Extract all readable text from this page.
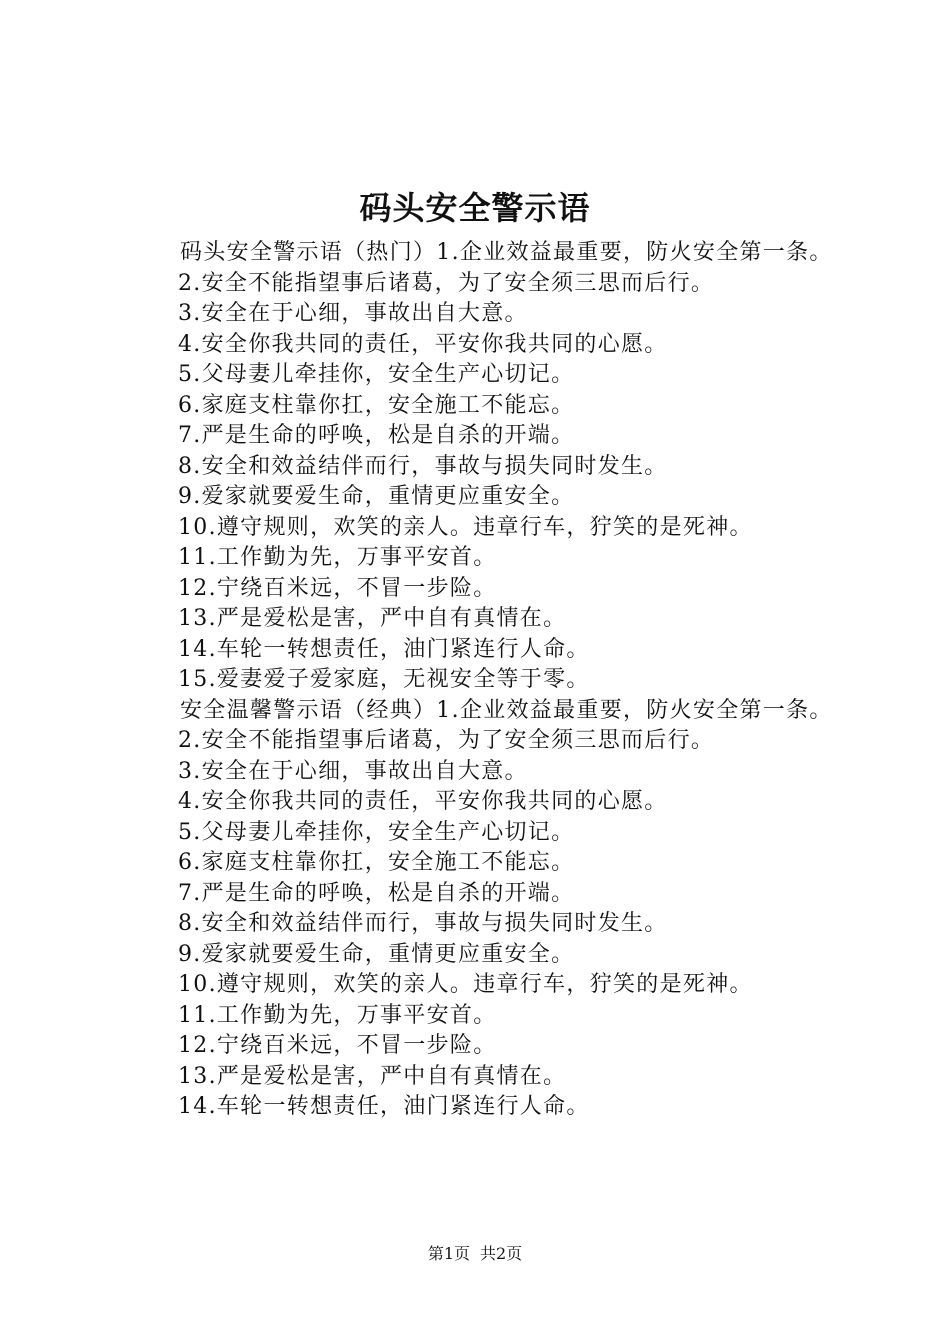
码头安全警示语

码头安全警示语（热门）1.企业效益最重要，防火安全第一条。

2.安全不能指望事后诸葛，为了安全须三思而后行。

3.安全在于心细，事故出自大意。

4.安全你我共同的责任，平安你我共同的心愿。

5.父母妻儿牵挂你，安全生产心切记。

6.家庭支柱靠你扛，安全施工不能忘。

7.严是生命的呼唤，松是自杀的开端。

8.安全和效益结伴而行，事故与损失同时发生。

9.爱家就要爱生命，重情更应重安全。

10.遵守规则，欢笑的亲人。违章行车，狞笑的是死神。

11.工作勤为先，万事平安首。

12.宁绕百米远，不冒一步险。

13.严是爱松是害，严中自有真情在。

14.车轮一转想责任，油门紧连行人命。

15.爱妻爱子爱家庭，无视安全等于零。

安全温馨警示语（经典）1.企业效益最重要，防火安全第一条。

2.安全不能指望事后诸葛，为了安全须三思而后行。

3.安全在于心细，事故出自大意。

4.安全你我共同的责任，平安你我共同的心愿。

5.父母妻儿牵挂你，安全生产心切记。

6.家庭支柱靠你扛，安全施工不能忘。

7.严是生命的呼唤，松是自杀的开端。

8.安全和效益结伴而行，事故与损失同时发生。

9.爱家就要爱生命，重情更应重安全。

10.遵守规则，欢笑的亲人。违章行车，狞笑的是死神。

11.工作勤为先，万事平安首。

12.宁绕百米远，不冒一步险。

13.严是爱松是害，严中自有真情在。

14.车轮一转想责任，油门紧连行人命。

第1页 共2页
